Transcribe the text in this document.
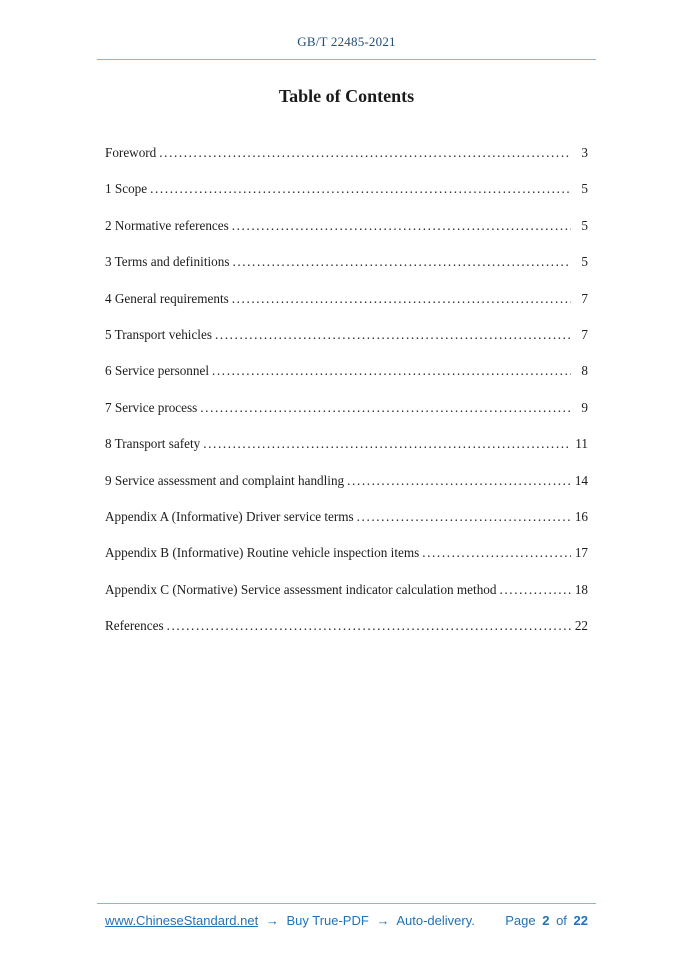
GB/T 22485-2021
Table of Contents
Foreword .....	3
1 Scope .....	5
2 Normative references .....	5
3 Terms and definitions .....	5
4 General requirements .....	7
5 Transport vehicles .....	7
6 Service personnel .....	8
7 Service process .....	9
8 Transport safety .....	11
9 Service assessment and complaint handling .....	14
Appendix A (Informative) Driver service terms .....	16
Appendix B (Informative) Routine vehicle inspection items .....	17
Appendix C (Normative) Service assessment indicator calculation method .....	18
References .....	22
www.ChineseStandard.net → Buy True-PDF → Auto-delivery. Page 2 of 22
